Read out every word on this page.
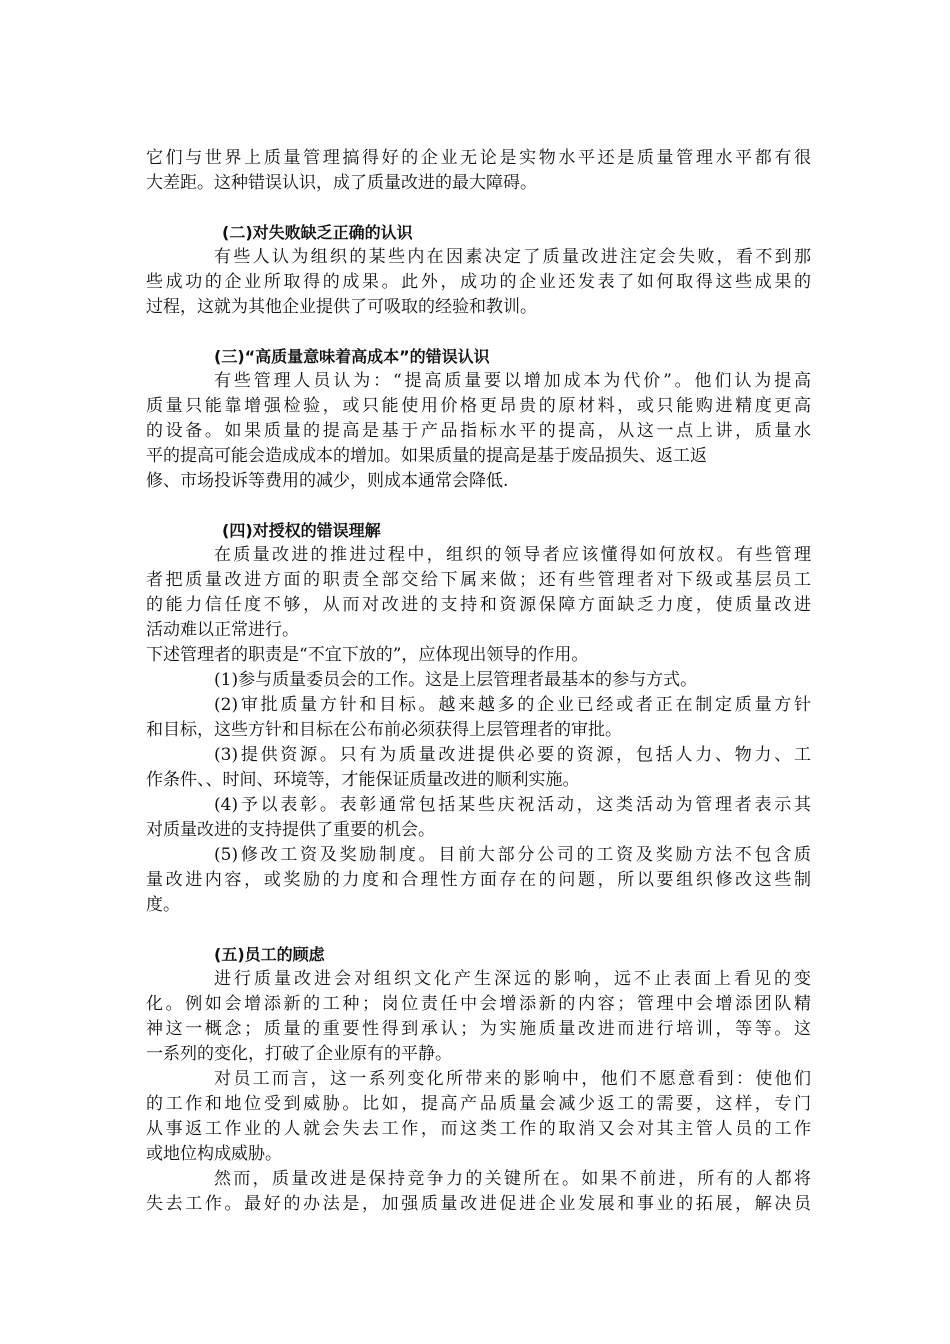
它们与世界上质量管理搞得好的企业无论是实物水平还是质量管理水平都有很
大差距。这种错误认识，成了质量改进的最大障碍。
(二)对失败缺乏正确的认识
有些人认为组织的某些内在因素决定了质量改进注定会失败，看不到那
些成功的企业所取得的成果。此外，成功的企业还发表了如何取得这些成果的
过程，这就为其他企业提供了可吸取的经验和教训。
(三)“高质量意味着高成本”的错误认识
有些管理人员认为：“提高质量要以增加成本为代价”。他们认为提高
质量只能靠增强检验，或只能使用价格更昂贵的原材料，或只能购进精度更高
的设备。如果质量的提高是基于产品指标水平的提高，从这一点上讲，质量水
平的提高可能会造成成本的增加。如果质量的提高是基于废品损失、返工返
修、市场投诉等费用的减少，则成本通常会降低.
(四)对授权的错误理解
在质量改进的推进过程中，组织的领导者应该懂得如何放权。有些管理
者把质量改进方面的职责全部交给下属来做；还有些管理者对下级或基层员工
的能力信任度不够，从而对改进的支持和资源保障方面缺乏力度，使质量改进
活动难以正常进行。
下述管理者的职责是“不宜下放的”，应体现出领导的作用。
(1)参与质量委员会的工作。这是上层管理者最基本的参与方式。
(2)审批质量方针和目标。越来越多的企业已经或者正在制定质量方针
和目标，这些方针和目标在公布前必须获得上层管理者的审批。
(3)提供资源。只有为质量改进提供必要的资源，包括人力、物力、工
作条件、、时间、环境等，才能保证质量改进的顺利实施。
(4)予以表彰。表彰通常包括某些庆祝活动，这类活动为管理者表示其
对质量改进的支持提供了重要的机会。
(5)修改工资及奖励制度。目前大部分公司的工资及奖励方法不包含质
量改进内容，或奖励的力度和合理性方面存在的问题，所以要组织修改这些制
度。
(五)员工的顾虑
进行质量改进会对组织文化产生深远的影响，远不止表面上看见的变
化。例如会增添新的工种；岗位责任中会增添新的内容；管理中会增添团队精
神这一概念；质量的重要性得到承认；为实施质量改进而进行培训，等等。这
一系列的变化，打破了企业原有的平静。
对员工而言，这一系列变化所带来的影响中，他们不愿意看到：使他们
的工作和地位受到威胁。比如，提高产品质量会减少返工的需要，这样，专门
从事返工作业的人就会失去工作，而这类工作的取消又会对其主管人员的工作
或地位构成威胁。
然而，质量改进是保持竞争力的关键所在。如果不前进，所有的人都将
失去工作。最好的办法是，加强质量改进促进企业发展和事业的拓展，解决员
